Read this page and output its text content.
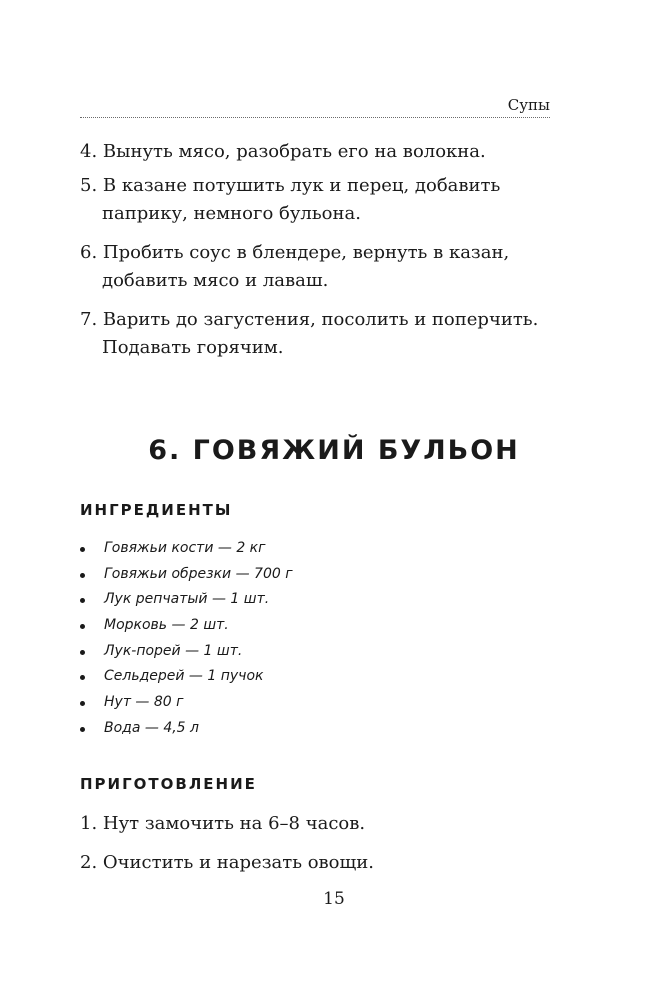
Супы
4. Вынуть мясо, разобрать его на волокна.
5. В казане потушить лук и перец, добавить паприку, немного бульона.
6. Пробить соус в блендере, вернуть в казан, добавить мясо и лаваш.
7. Варить до загустения, посолить и поперчить. Подавать горячим.
6. ГОВЯЖИЙ БУЛЬОН
ИНГРЕДИЕНТЫ
Говяжьи кости — 2 кг
Говяжьи обрезки — 700 г
Лук репчатый — 1 шт.
Морковь — 2 шт.
Лук-порей — 1 шт.
Сельдерей — 1 пучок
Нут — 80 г
Вода — 4,5 л
ПРИГОТОВЛЕНИЕ
1. Нут замочить на 6–8 часов.
2. Очистить и нарезать овощи.
15
